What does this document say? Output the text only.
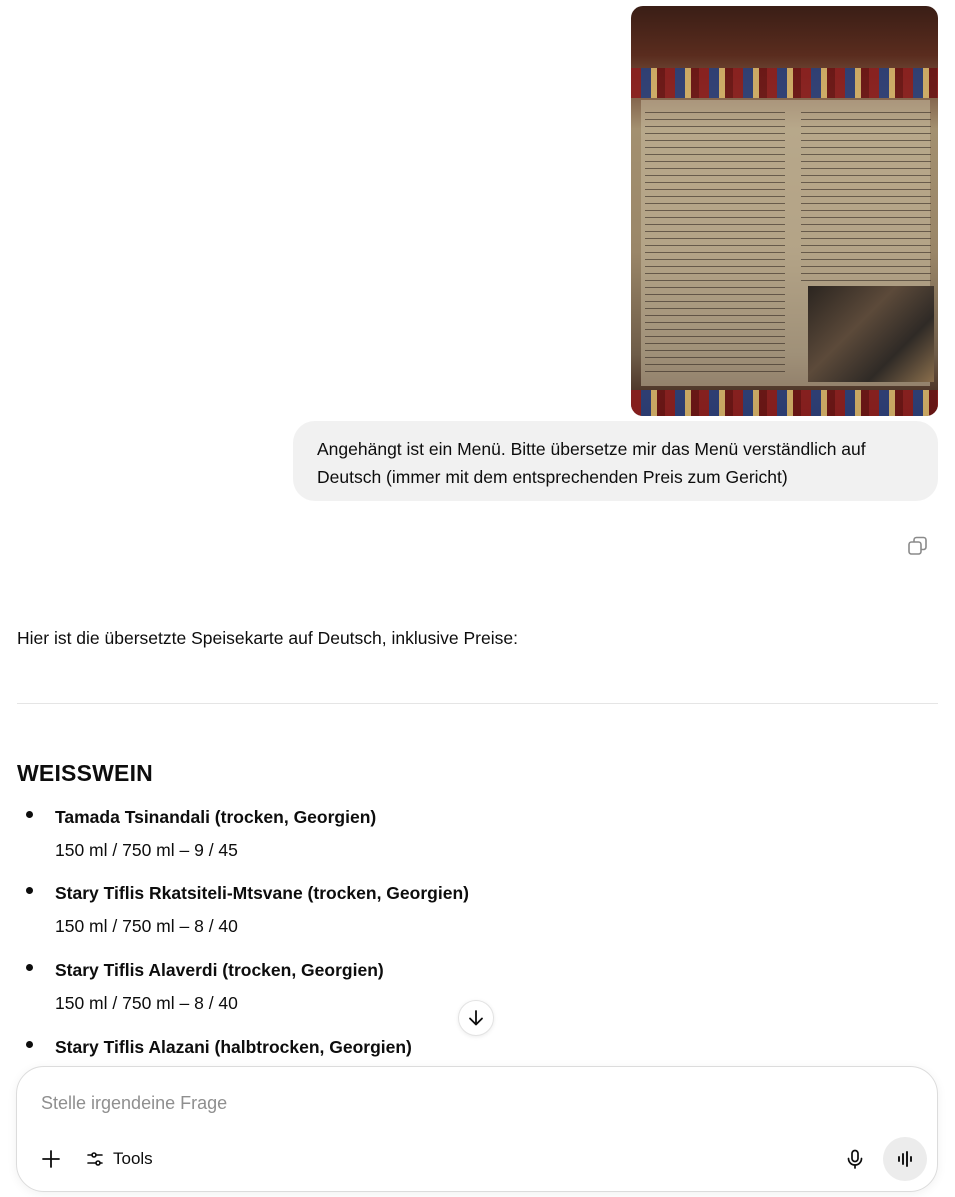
Angehängt ist ein Menü. Bitte übersetze mir das Menü verständlich auf Deutsch (immer mit dem entsprechenden Preis zum Gericht)
Hier ist die übersetzte Speisekarte auf Deutsch, inklusive Preise:
WEISSWEIN
Tamada Tsinandali (trocken, Georgien)
150 ml / 750 ml – 9 / 45
Stary Tiflis Rkatsiteli-Mtsvane (trocken, Georgien)
150 ml / 750 ml – 8 / 40
Stary Tiflis Alaverdi (trocken, Georgien)
150 ml / 750 ml – 8 / 40
Stary Tiflis Alazani (halbtrocken, Georgien)
Stelle irgendeine Frage
Tools
